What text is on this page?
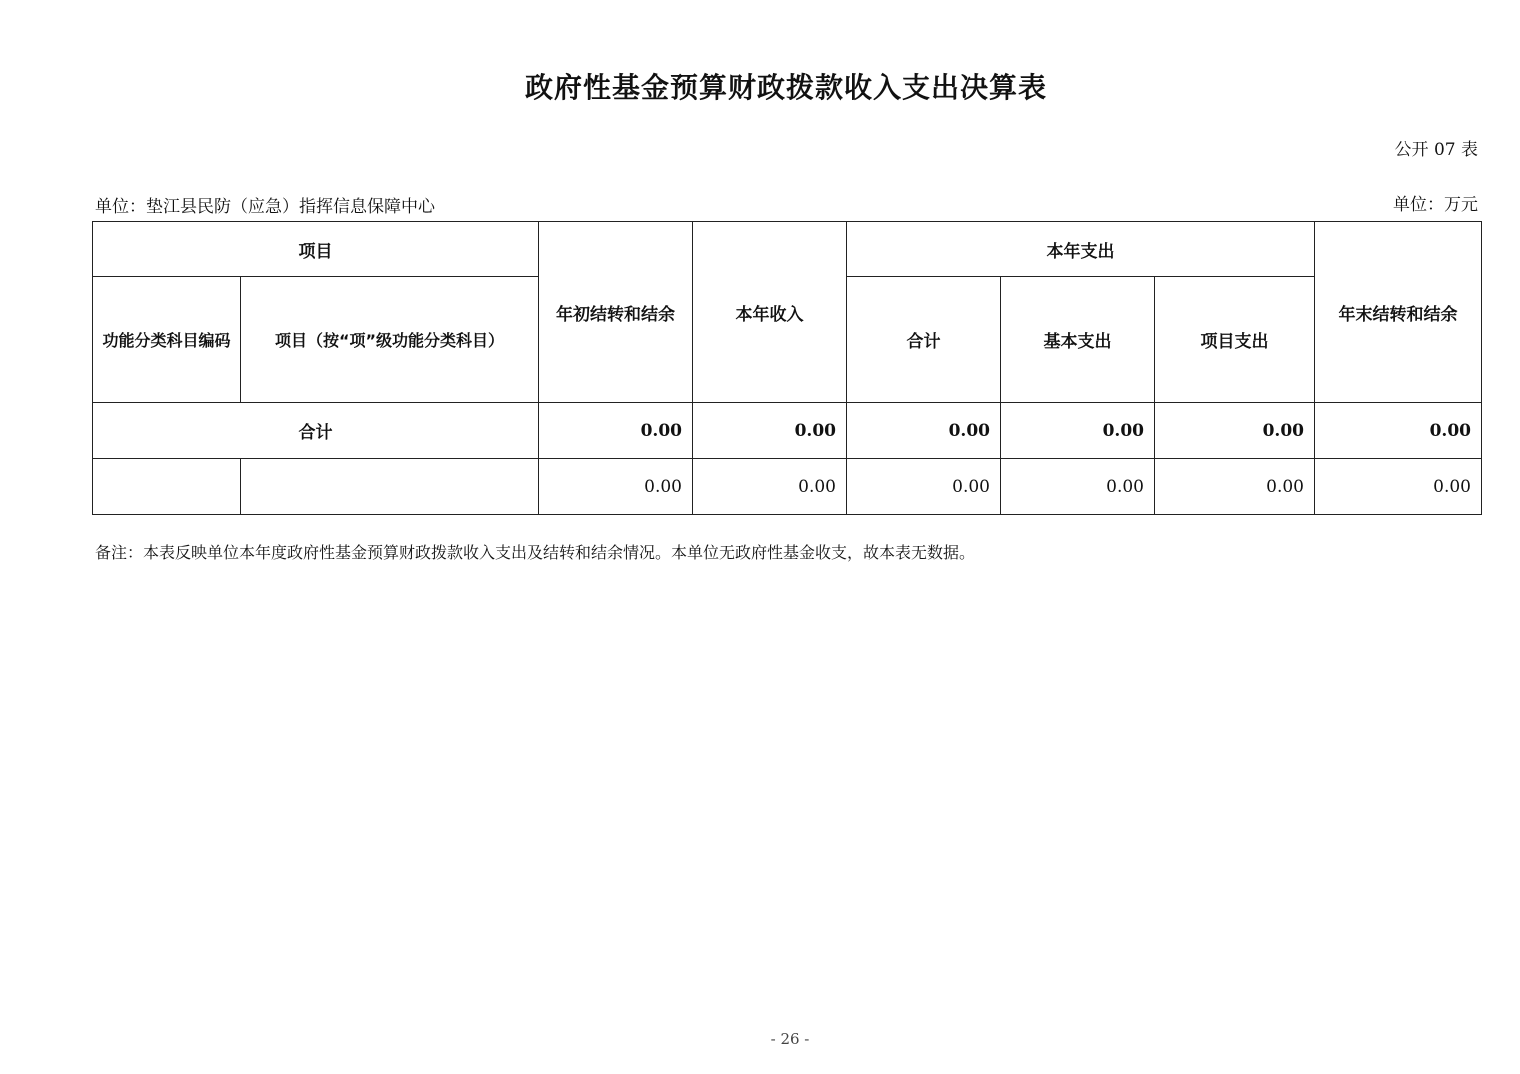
政府性基金预算财政拨款收入支出决算表
公开 07 表
单位：垫江县民防（应急）指挥信息保障中心	单位：万元
项目		年初结转和结余	本年收入	本年支出			年末结转和结余
功能分类科目编码	项目（按“项”级功能分类科目）			合计	基本支出	项目支出	
合计		0.00	0.00	0.00	0.00	0.00	0.00
		0.00	0.00	0.00	0.00	0.00	0.00
备注：本表反映单位本年度政府性基金预算财政拨款收入支出及结转和结余情况。本单位无政府性基金收支，故本表无数据。
- 26 -
